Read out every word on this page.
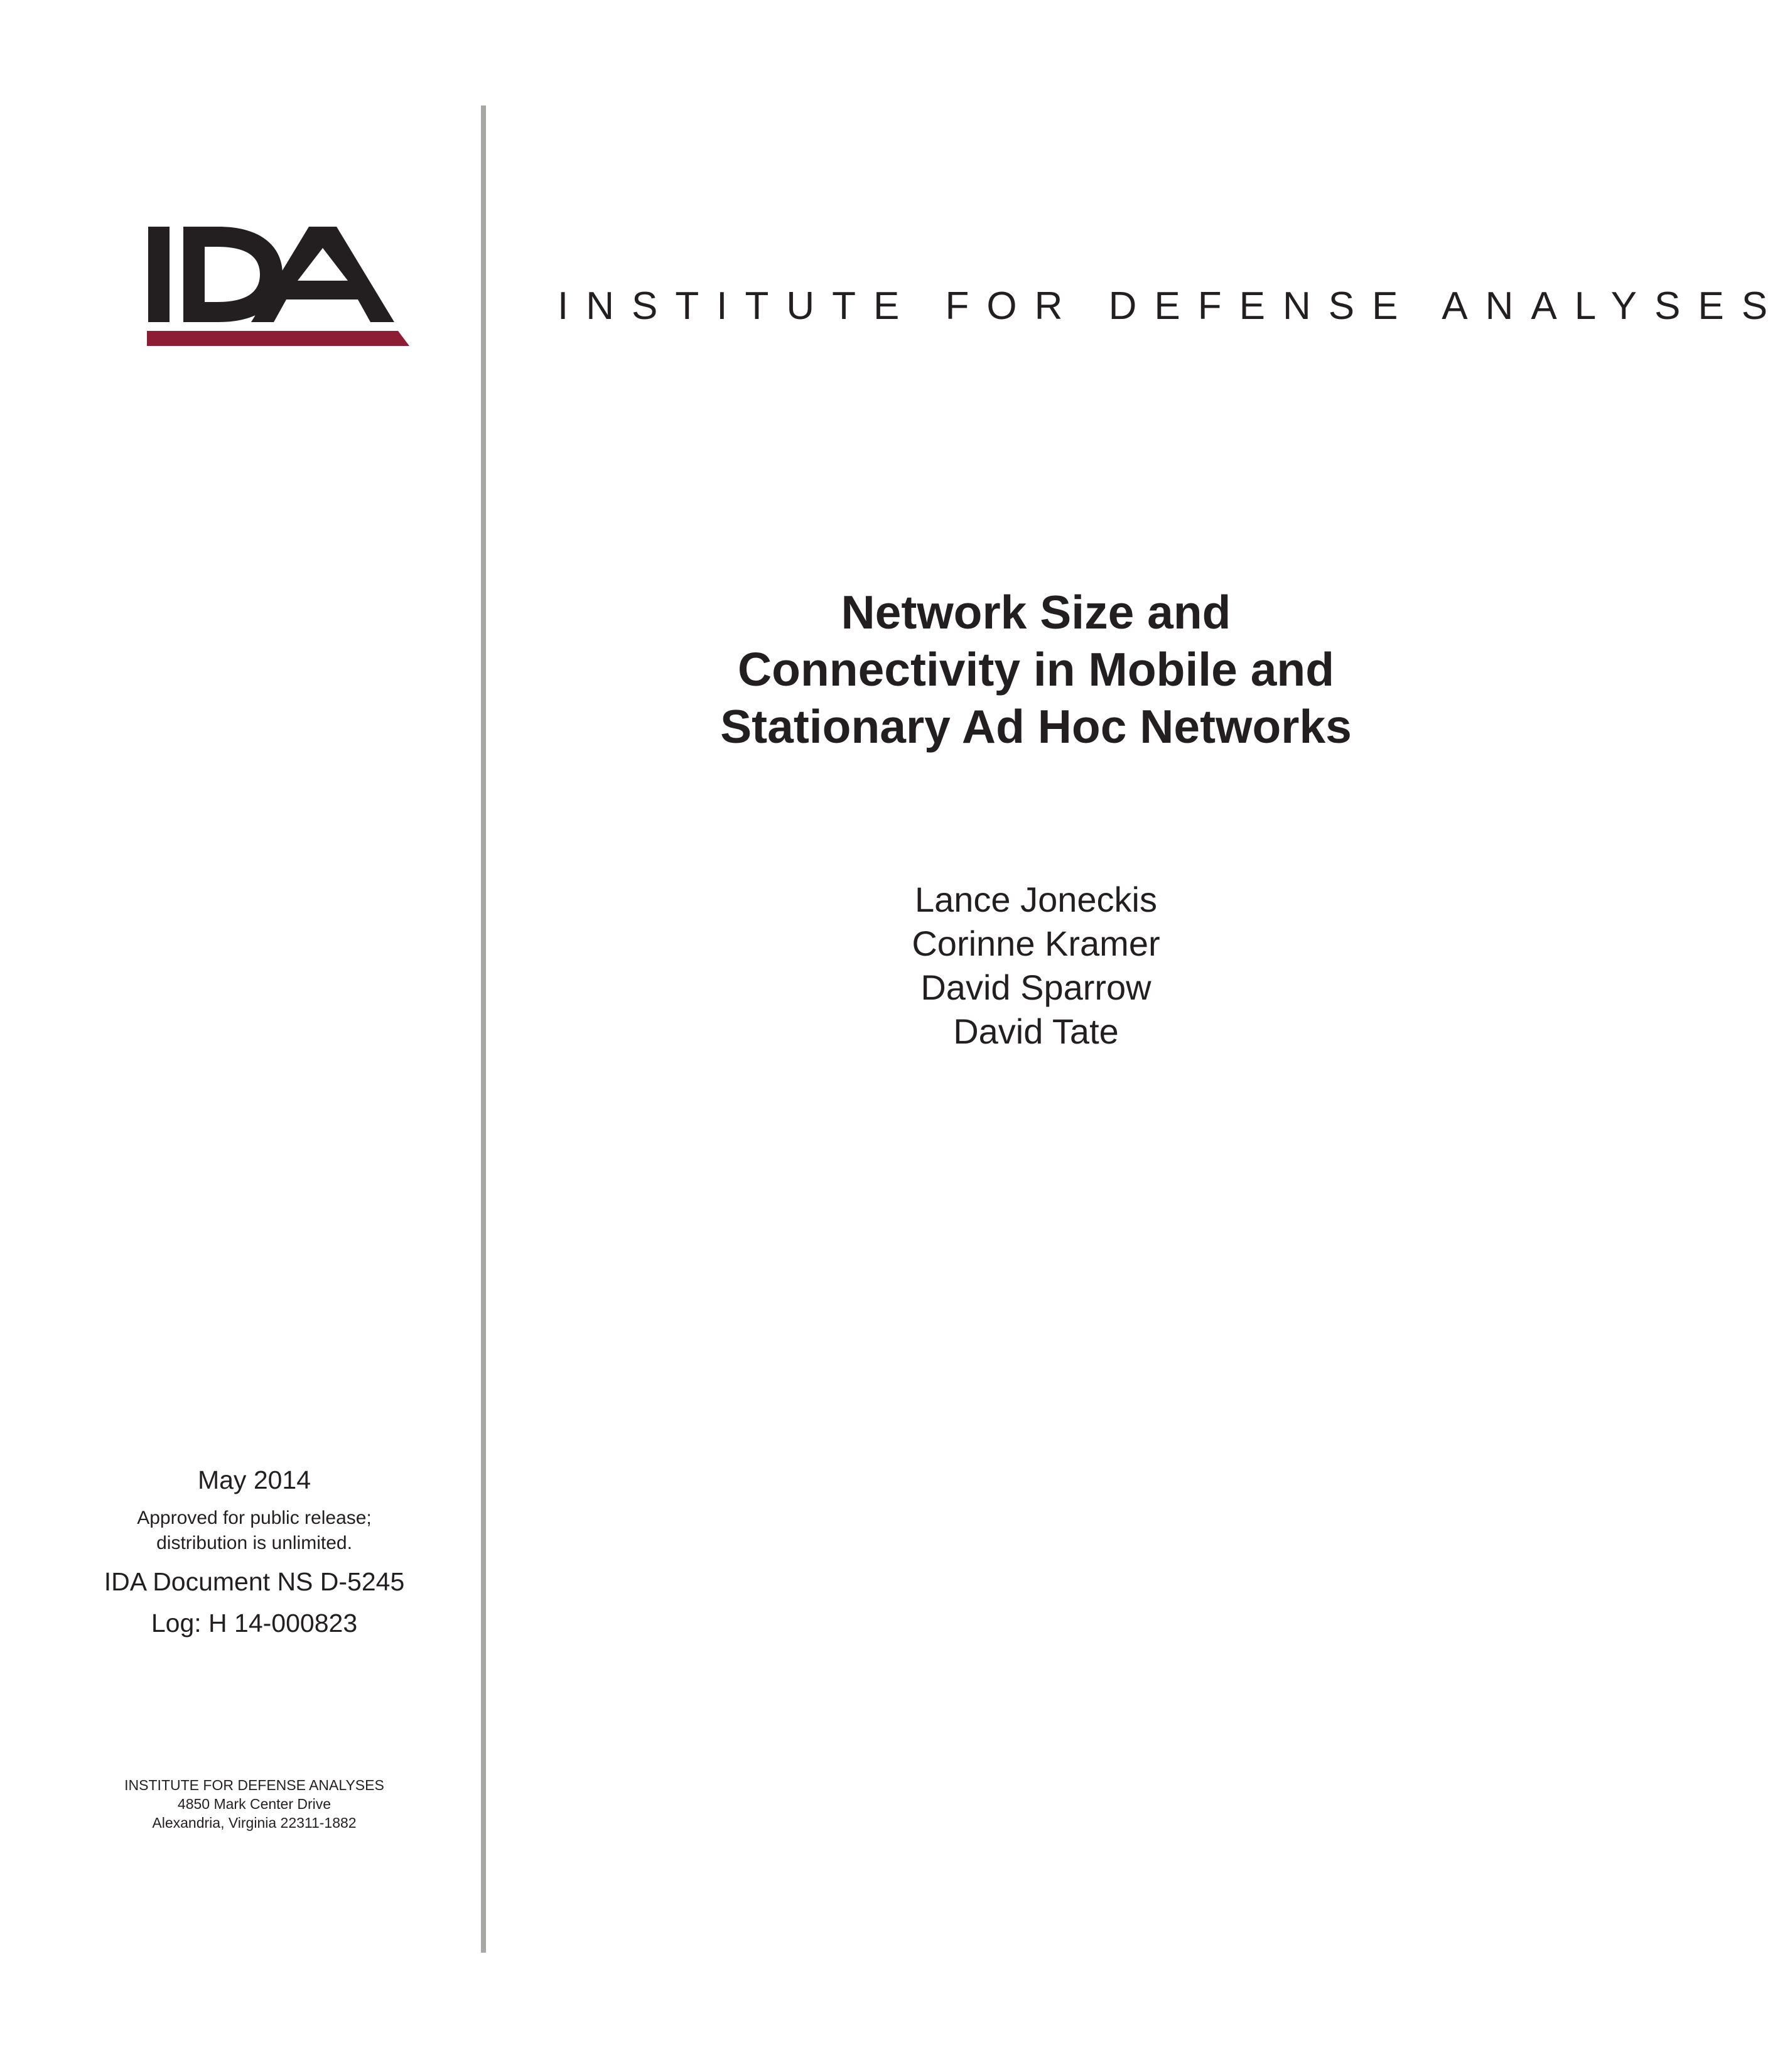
INSTITUTE FOR DEFENSE ANALYSES
Network Size and
Connectivity in Mobile and
Stationary Ad Hoc Networks
Lance Joneckis
Corinne Kramer
David Sparrow
David Tate
May 2014
Approved for public release;
distribution is unlimited.
IDA Document NS D-5245
Log: H 14-000823
INSTITUTE FOR DEFENSE ANALYSES
4850 Mark Center Drive
Alexandria, Virginia 22311-1882
